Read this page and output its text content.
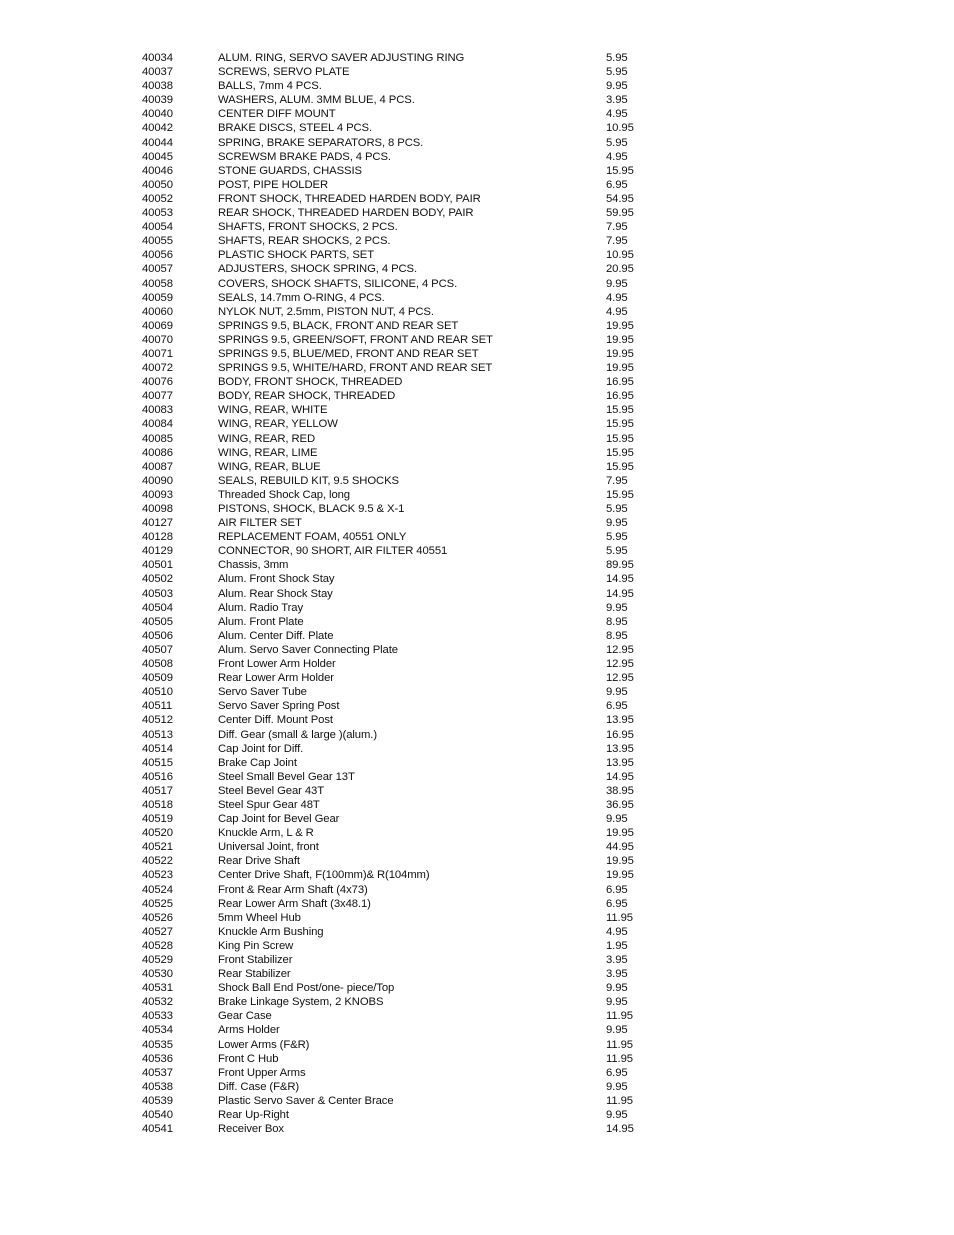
40034	ALUM. RING, SERVO SAVER ADJUSTING RING	5.95
40037	SCREWS, SERVO PLATE	5.95
40038	BALLS, 7mm 4 PCS.	9.95
40039	WASHERS, ALUM. 3MM BLUE, 4 PCS.	3.95
40040	CENTER DIFF MOUNT	4.95
40042	BRAKE DISCS, STEEL 4 PCS.	10.95
40044	SPRING, BRAKE SEPARATORS, 8 PCS.	5.95
40045	SCREWSM BRAKE PADS, 4 PCS.	4.95
40046	STONE GUARDS, CHASSIS	15.95
40050	POST, PIPE HOLDER	6.95
40052	FRONT SHOCK, THREADED HARDEN BODY, PAIR	54.95
40053	REAR SHOCK, THREADED HARDEN BODY, PAIR	59.95
40054	SHAFTS, FRONT SHOCKS, 2 PCS.	7.95
40055	SHAFTS, REAR SHOCKS, 2 PCS.	7.95
40056	PLASTIC SHOCK PARTS, SET	10.95
40057	ADJUSTERS, SHOCK SPRING, 4 PCS.	20.95
40058	COVERS, SHOCK SHAFTS, SILICONE, 4 PCS.	9.95
40059	SEALS, 14.7mm O-RING, 4 PCS.	4.95
40060	NYLOK NUT, 2.5mm, PISTON NUT, 4 PCS.	4.95
40069	SPRINGS 9.5, BLACK, FRONT AND REAR SET	19.95
40070	SPRINGS 9.5, GREEN/SOFT, FRONT AND REAR SET	19.95
40071	SPRINGS 9.5, BLUE/MED, FRONT AND REAR SET	19.95
40072	SPRINGS 9.5, WHITE/HARD, FRONT AND REAR SET	19.95
40076	BODY, FRONT SHOCK, THREADED	16.95
40077	BODY, REAR SHOCK, THREADED	16.95
40083	WING, REAR, WHITE	15.95
40084	WING, REAR, YELLOW	15.95
40085	WING, REAR, RED	15.95
40086	WING, REAR, LIME	15.95
40087	WING, REAR, BLUE	15.95
40090	SEALS, REBUILD KIT, 9.5 SHOCKS	7.95
40093	Threaded Shock Cap, long	15.95
40098	PISTONS, SHOCK, BLACK 9.5 & X-1	5.95
40127	AIR FILTER SET	9.95
40128	REPLACEMENT FOAM, 40551 ONLY	5.95
40129	CONNECTOR, 90 SHORT, AIR FILTER 40551	5.95
40501	Chassis, 3mm	89.95
40502	Alum. Front Shock Stay	14.95
40503	Alum. Rear Shock Stay	14.95
40504	Alum. Radio Tray	9.95
40505	Alum. Front Plate	8.95
40506	Alum. Center Diff. Plate	8.95
40507	Alum. Servo Saver Connecting Plate	12.95
40508	Front Lower Arm Holder	12.95
40509	Rear Lower Arm Holder	12.95
40510	Servo Saver Tube	9.95
40511	Servo Saver Spring Post	6.95
40512	Center Diff. Mount Post	13.95
40513	Diff. Gear (small & large )(alum.)	16.95
40514	Cap Joint for Diff.	13.95
40515	Brake Cap Joint	13.95
40516	Steel Small Bevel Gear 13T	14.95
40517	Steel Bevel Gear 43T	38.95
40518	Steel Spur Gear 48T	36.95
40519	Cap Joint for Bevel Gear	9.95
40520	Knuckle Arm, L & R	19.95
40521	Universal Joint, front	44.95
40522	Rear Drive Shaft	19.95
40523	Center Drive Shaft, F(100mm)& R(104mm)	19.95
40524	Front & Rear Arm Shaft (4x73)	6.95
40525	Rear Lower Arm Shaft (3x48.1)	6.95
40526	5mm Wheel Hub	11.95
40527	Knuckle Arm Bushing	4.95
40528	King Pin Screw	1.95
40529	Front Stabilizer	3.95
40530	Rear Stabilizer	3.95
40531	Shock Ball End Post/one- piece/Top	9.95
40532	Brake Linkage System, 2 KNOBS	9.95
40533	Gear Case	11.95
40534	Arms Holder	9.95
40535	Lower Arms (F&R)	11.95
40536	Front C Hub	11.95
40537	Front Upper Arms	6.95
40538	Diff. Case (F&R)	9.95
40539	Plastic Servo Saver & Center Brace	11.95
40540	Rear Up-Right	9.95
40541	Receiver Box	14.95
